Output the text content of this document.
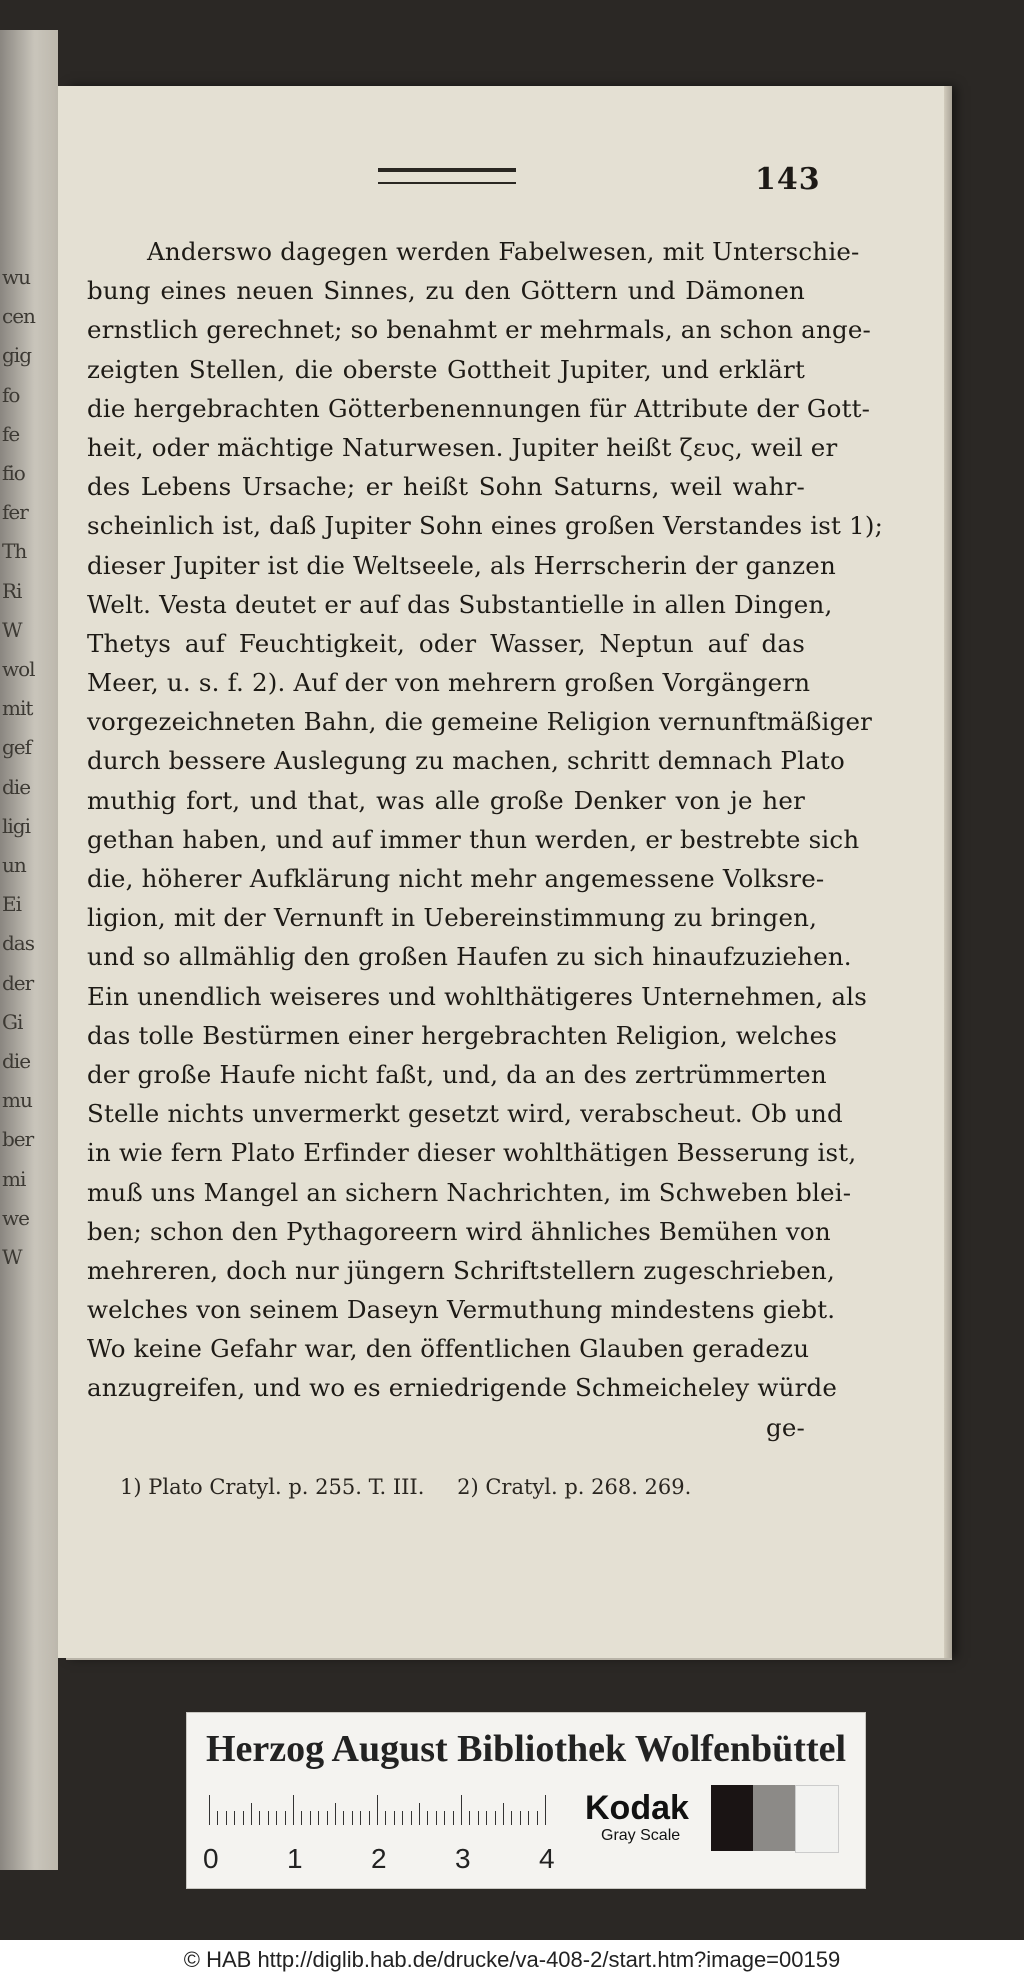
wu
cen
gig
fo
fe
fio
fer
Th
Ri
W
wol
mit
gef
die
ligi
un
Ei
das
der
Gi
die
mu
ber
mi
we
W
143
Anderswo dagegen werden Fabelwesen, mit Unterschie-
bung eines neuen Sinnes, zu den Göttern und Dämonen
ernstlich gerechnet; so benahmt er mehrmals, an schon ange-
zeigten Stellen, die oberste Gottheit Jupiter, und erklärt
die hergebrachten Götterbenennungen für Attribute der Gott-
heit, oder mächtige Naturwesen. Jupiter heißt ζευς, weil er
des Lebens Ursache; er heißt Sohn Saturns, weil wahr-
scheinlich ist, daß Jupiter Sohn eines großen Verstandes ist 1);
dieser Jupiter ist die Weltseele, als Herrscherin der ganzen
Welt. Vesta deutet er auf das Substantielle in allen Dingen,
Thetys auf Feuchtigkeit, oder Wasser, Neptun auf das
Meer, u. s. f. 2). Auf der von mehrern großen Vorgängern
vorgezeichneten Bahn, die gemeine Religion vernunftmäßiger
durch bessere Auslegung zu machen, schritt demnach Plato
muthig fort, und that, was alle große Denker von je her
gethan haben, und auf immer thun werden, er bestrebte sich
die, höherer Aufklärung nicht mehr angemessene Volksre-
ligion, mit der Vernunft in Uebereinstimmung zu bringen,
und so allmählig den großen Haufen zu sich hinaufzuziehen.
Ein unendlich weiseres und wohlthätigeres Unternehmen, als
das tolle Bestürmen einer hergebrachten Religion, welches
der große Haufe nicht faßt, und, da an des zertrümmerten
Stelle nichts unvermerkt gesetzt wird, verabscheut. Ob und
in wie fern Plato Erfinder dieser wohlthätigen Besserung ist,
muß uns Mangel an sichern Nachrichten, im Schweben blei-
ben; schon den Pythagoreern wird ähnliches Bemühen von
mehreren, doch nur jüngern Schriftstellern zugeschrieben,
welches von seinem Daseyn Vermuthung mindestens giebt.
Wo keine Gefahr war, den öffentlichen Glauben geradezu
anzugreifen, und wo es erniedrigende Schmeicheley würde
ge-
1) Plato Cratyl. p. 255. T. III. 2) Cratyl. p. 268. 269.
Herzog August Bibliothek Wolfenbüttel
0 1 2 3 4
Kodak
Gray Scale
© HAB http://diglib.hab.de/drucke/va-408-2/start.htm?image=00159
